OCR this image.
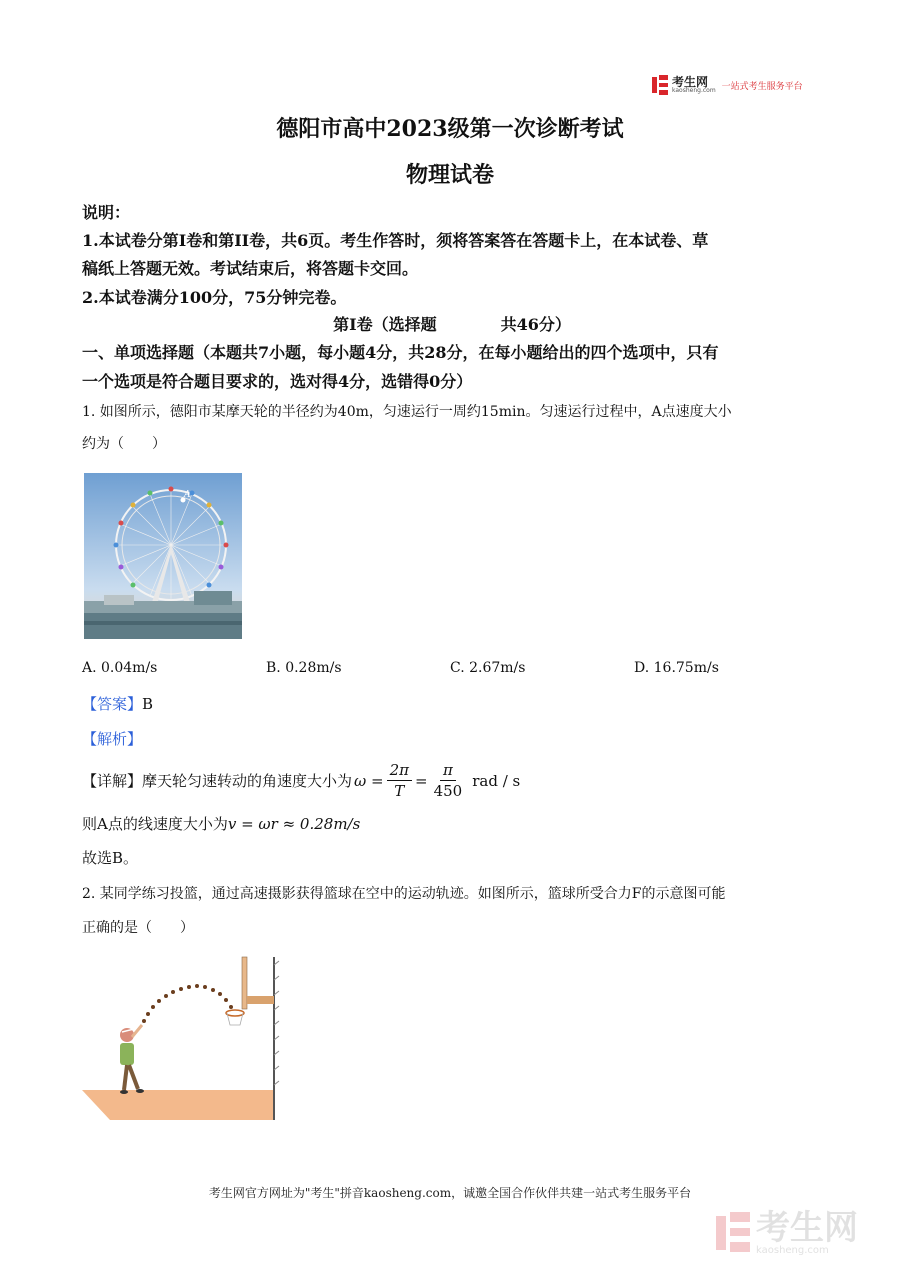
考生网
kaosheng.com 一站式考生服务平台
德阳市高中2023级第一次诊断考试
物理试卷
说明：
1.本试卷分第I卷和第II卷，共6页。考生作答时，须将答案答在答题卡上，在本试卷、草
稿纸上答题无效。考试结束后，将答题卡交回。
2.本试卷满分100分，75分钟完卷。
第I卷（选择题　　　　共46分）
一、单项选择题（本题共7小题，每小题4分，共28分，在每小题给出的四个选项中，只有
一个选项是符合题目要求的，选对得4分，选错得0分）
1. 如图所示，德阳市某摩天轮的半径约为40m，匀速运行一周约15min。匀速运行过程中，A点速度大小
约为（　　）
A
A. 0.04m/s	B. 0.28m/s	C. 2.67m/s	D. 16.75m/s
【答案】B
【解析】
【详解】摩天轮匀速转动的角速度大小为 $\omega = \frac{2\pi}{T} = \frac{\pi}{450}$ rad / s
则A点的线速度大小为v = ωr ≈ 0.28m/s
故选B。
2. 某同学练习投篮，通过高速摄影获得篮球在空中的运动轨迹。如图所示，篮球所受合力F的示意图可能
正确的是（　　）
考生网官方网址为"考生"拼音kaosheng.com，诚邀全国合作伙伴共建一站式考生服务平台
考生网
kaosheng.com
